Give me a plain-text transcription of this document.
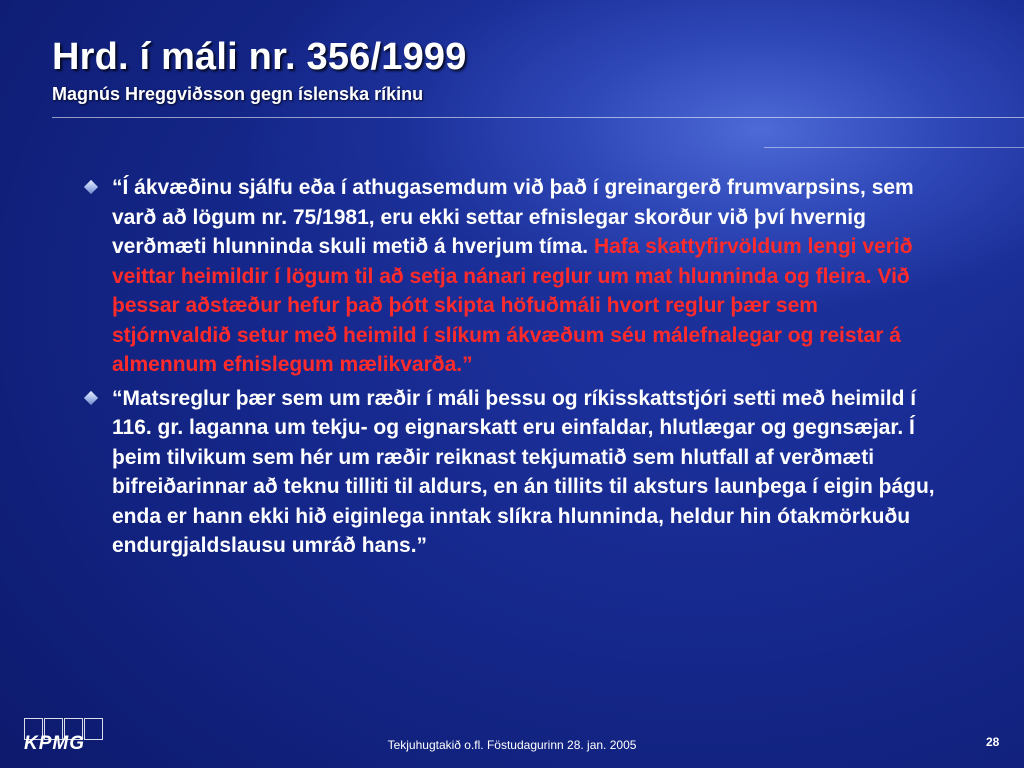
Hrd. í máli nr. 356/1999
Magnús Hreggviðsson gegn íslenska ríkinu
“Í ákvæðinu sjálfu eða í athugasemdum við það í greinargerð frumvarpsins, sem varð að lögum nr. 75/1981, eru ekki settar efnislegar skorður við því hvernig verðmæti hlunninda skuli metið á hverjum tíma. Hafa skattyfirvöldum lengi verið veittar heimildir í lögum til að setja nánari reglur um mat hlunninda og fleira. Við þessar aðstæður hefur það þótt skipta höfuðmáli hvort reglur þær sem stjórnvaldið setur með heimild í slíkum ákvæðum séu málefnalegar og reistar á almennum efnislegum mælikvarða.”
“Matsreglur þær sem um ræðir í máli þessu og ríkisskattstjóri setti með heimild í 116. gr. laganna um tekju- og eignarskatt eru einfaldar, hlutlægar og gegnsæjar. Í þeim tilvikum sem hér um ræðir reiknast tekjumatið sem hlutfall af verðmæti bifreiðarinnar að teknu tilliti til aldurs, en án tillits til aksturs launþega í eigin þágu, enda er hann ekki hið eiginlega inntak slíkra hlunninda, heldur hin ótakmörkuðu endurgjaldslausu umráð hans.”
KPMG	Tekjuhugtakið o.fl. Föstudagurinn 28. jan. 2005	28
